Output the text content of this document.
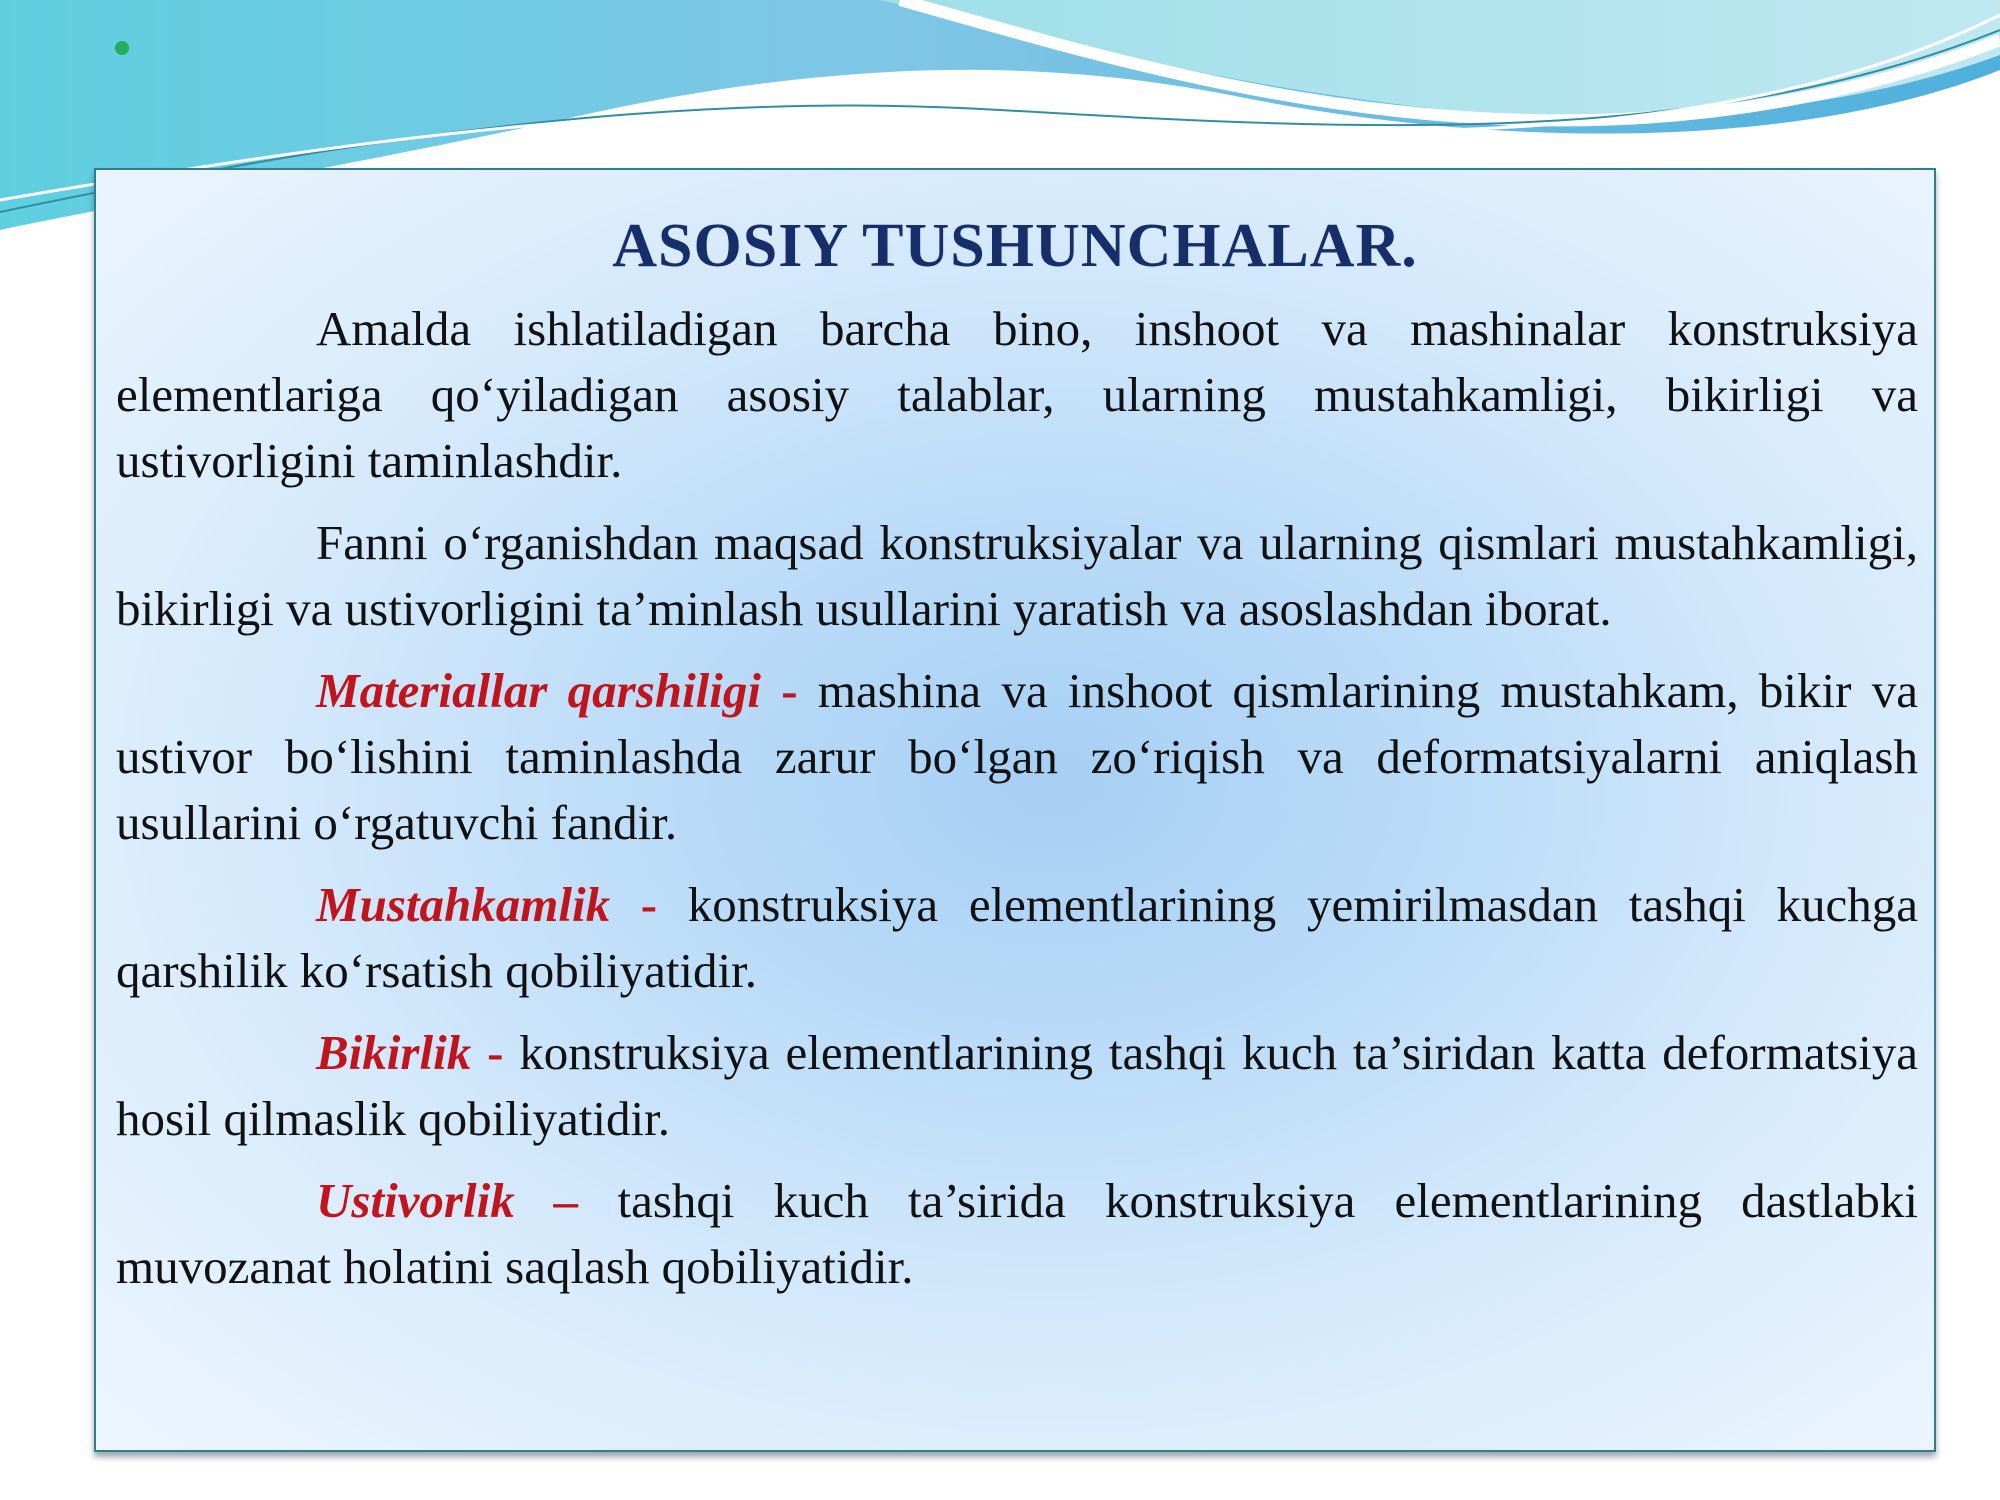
ASOSIY TUSHUNCHALAR.

Amalda ishlatiladigan barcha bino, inshoot va mashinalar konstruksiya elementlariga qo‘yiladigan asosiy talablar, ularning mustahkamligi, bikirligi va ustivorligini taminlashdir.

Fanni o‘rganishdan maqsad konstruksiyalar va ularning qismlari mustahkamligi, bikirligi va ustivorligini ta’minlash usullarini yaratish va asoslashdan iborat.

Materiallar qarshiligi - mashina va inshoot qismlarining mustahkam, bikir va ustivor bo‘lishini taminlashda zarur bo‘lgan zo‘riqish va deformatsiyalarni aniqlash usullarini o‘rgatuvchi fandir.

Mustahkamlik - konstruksiya elementlarining yemirilmasdan tashqi kuchga qarshilik ko‘rsatish qobiliyatidir.

Bikirlik - konstruksiya elementlarining tashqi kuch ta’siridan katta deformatsiya hosil qilmaslik qobiliyatidir.

Ustivorlik – tashqi kuch ta’sirida konstruksiya elementlarining dastlabki muvozanat holatini saqlash qobiliyatidir.
